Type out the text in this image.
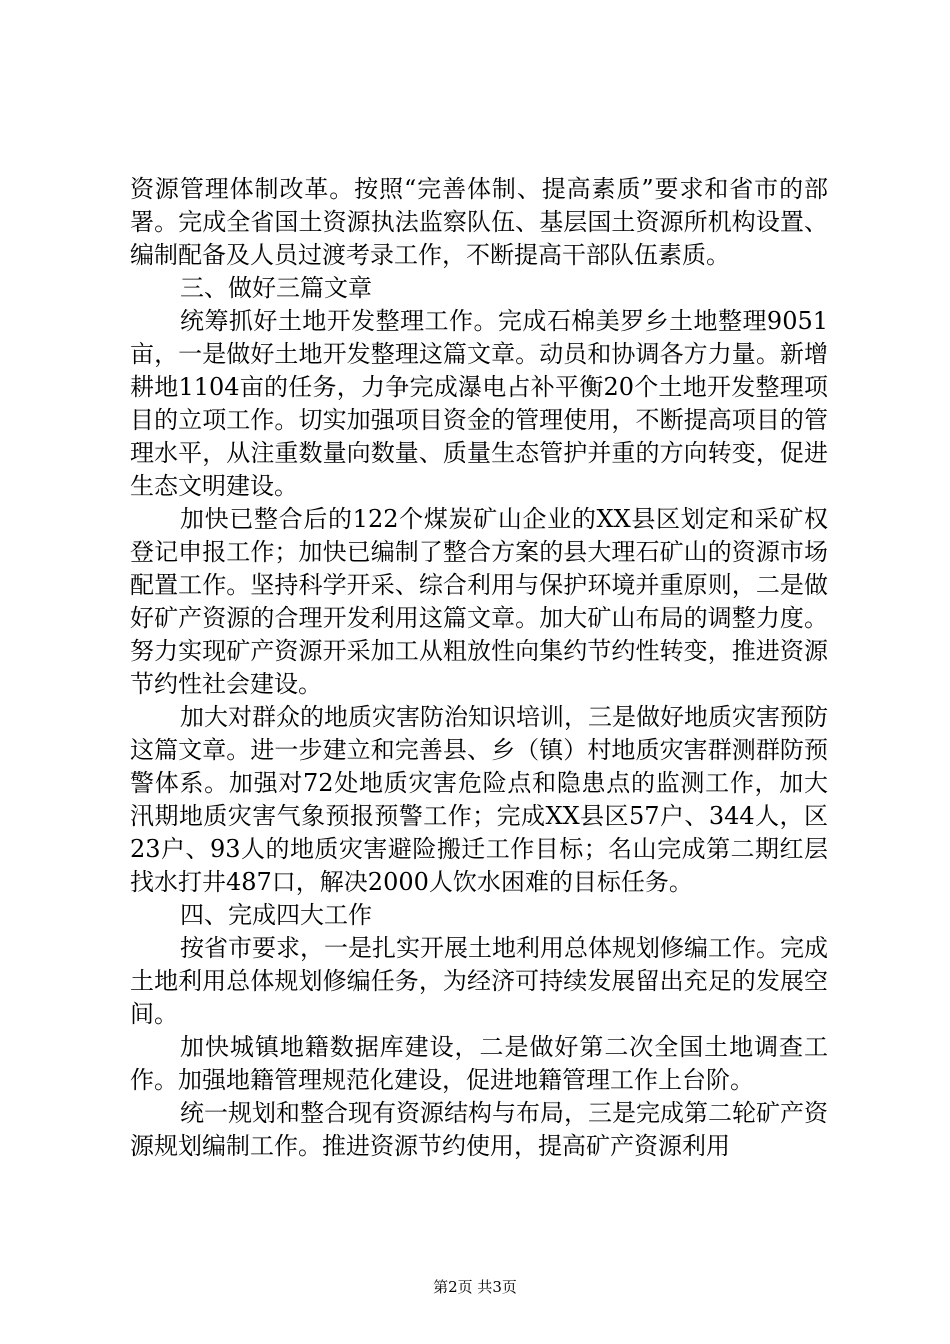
资源管理体制改革。按照“完善体制、提高素质”要求和省市的部署。完成全省国土资源执法监察队伍、基层国土资源所机构设置、编制配备及人员过渡考录工作，不断提高干部队伍素质。

三、做好三篇文章

统筹抓好土地开发整理工作。完成石棉美罗乡土地整理9051亩，一是做好土地开发整理这篇文章。动员和协调各方力量。新增耕地1104亩的任务，力争完成瀑电占补平衡20个土地开发整理项目的立项工作。切实加强项目资金的管理使用，不断提高项目的管理水平，从注重数量向数量、质量生态管护并重的方向转变，促进生态文明建设。

加快已整合后的122个煤炭矿山企业的XX县区划定和采矿权登记申报工作；加快已编制了整合方案的县大理石矿山的资源市场配置工作。坚持科学开采、综合利用与保护环境并重原则，二是做好矿产资源的合理开发利用这篇文章。加大矿山布局的调整力度。努力实现矿产资源开采加工从粗放性向集约节约性转变，推进资源节约性社会建设。

加大对群众的地质灾害防治知识培训，三是做好地质灾害预防这篇文章。进一步建立和完善县、乡（镇）村地质灾害群测群防预警体系。加强对72处地质灾害危险点和隐患点的监测工作，加大汛期地质灾害气象预报预警工作；完成XX县区57户、344人，区23户、93人的地质灾害避险搬迁工作目标；名山完成第二期红层找水打井487口，解决2000人饮水困难的目标任务。

四、完成四大工作

按省市要求，一是扎实开展土地利用总体规划修编工作。完成土地利用总体规划修编任务，为经济可持续发展留出充足的发展空间。

加快城镇地籍数据库建设，二是做好第二次全国土地调查工作。加强地籍管理规范化建设，促进地籍管理工作上台阶。

统一规划和整合现有资源结构与布局，三是完成第二轮矿产资源规划编制工作。推进资源节约使用，提高矿产资源利用

第2页 共3页
